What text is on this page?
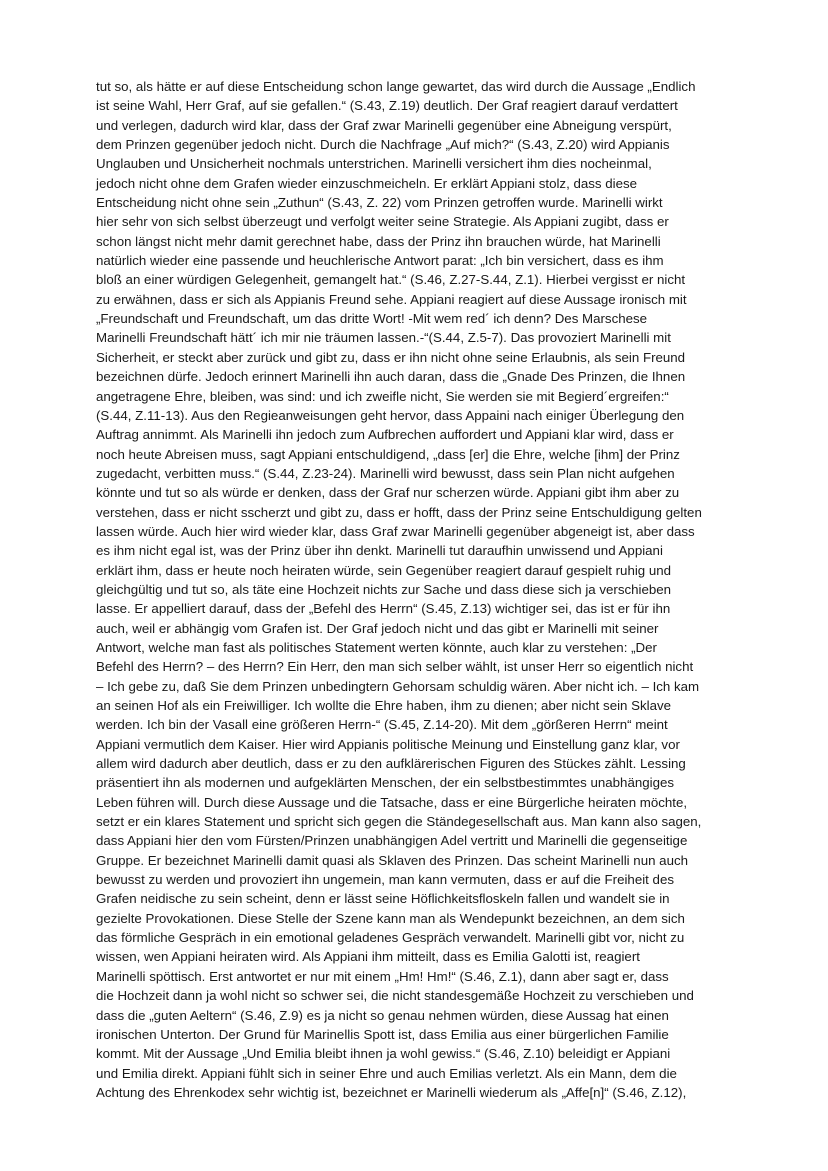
tut so, als hätte er auf diese Entscheidung schon lange gewartet, das wird durch die Aussage „Endlich
ist seine Wahl, Herr Graf, auf sie gefallen.“ (S.43, Z.19) deutlich. Der Graf reagiert darauf verdattert
und verlegen, dadurch wird klar, dass der Graf zwar Marinelli gegenüber eine Abneigung verspürt,
dem Prinzen gegenüber jedoch nicht. Durch die Nachfrage „Auf mich?“ (S.43, Z.20) wird Appianis
Unglauben und Unsicherheit nochmals unterstrichen. Marinelli versichert ihm dies nocheinmal,
jedoch nicht ohne dem Grafen wieder einzuschmeicheln. Er erklärt Appiani stolz, dass diese
Entscheidung nicht ohne sein „Zuthun“ (S.43, Z. 22) vom Prinzen getroffen wurde. Marinelli wirkt
hier sehr von sich selbst überzeugt und verfolgt weiter seine Strategie. Als Appiani zugibt, dass er
schon längst nicht mehr damit gerechnet habe, dass der Prinz ihn brauchen würde, hat Marinelli
natürlich wieder eine passende und heuchlerische Antwort parat: „Ich bin versichert, dass es ihm
bloß an einer würdigen Gelegenheit, gemangelt hat.“ (S.46, Z.27-S.44, Z.1). Hierbei vergisst er nicht
zu erwähnen, dass er sich als Appianis Freund sehe. Appiani reagiert auf diese Aussage ironisch mit
„Freundschaft und Freundschaft, um das dritte Wort! -Mit wem red´ ich denn? Des Marschese
Marinelli Freundschaft hätt´ ich mir nie träumen lassen.-“(S.44, Z.5-7). Das provoziert Marinelli mit
Sicherheit, er steckt aber zurück und gibt zu, dass er ihn nicht ohne seine Erlaubnis, als sein Freund
bezeichnen dürfe. Jedoch erinnert Marinelli ihn auch daran, dass die „Gnade Des Prinzen, die Ihnen
angetragene Ehre, bleiben, was sind: und ich zweifle nicht, Sie werden sie mit Begierd´ergreifen:“
(S.44, Z.11-13). Aus den Regieanweisungen geht hervor, dass Appaini nach einiger Überlegung den
Auftrag annimmt. Als Marinelli ihn jedoch zum Aufbrechen auffordert und Appiani klar wird, dass er
noch heute Abreisen muss, sagt Appiani entschuldigend, „dass [er] die Ehre, welche [ihm] der Prinz
zugedacht, verbitten muss.“ (S.44, Z.23-24). Marinelli wird bewusst, dass sein Plan nicht aufgehen
könnte und tut so als würde er denken, dass der Graf nur scherzen würde. Appiani gibt ihm aber zu
verstehen, dass er nicht sscherzt und gibt zu, dass er hofft, dass der Prinz seine Entschuldigung gelten
lassen würde. Auch hier wird wieder klar, dass Graf zwar Marinelli gegenüber abgeneigt ist, aber dass
es ihm nicht egal ist, was der Prinz über ihn denkt. Marinelli tut daraufhin unwissend und Appiani
erklärt ihm, dass er heute noch heiraten würde, sein Gegenüber reagiert darauf gespielt ruhig und
gleichgültig und tut so, als täte eine Hochzeit nichts zur Sache und dass diese sich ja verschieben
lasse. Er appelliert darauf, dass der „Befehl des Herrn“ (S.45, Z.13) wichtiger sei, das ist er für ihn
auch, weil er abhängig vom Grafen ist. Der Graf jedoch nicht und das gibt er Marinelli mit seiner
Antwort, welche man fast als politisches Statement werten könnte, auch klar zu verstehen: „Der
Befehl des Herrn? – des Herrn? Ein Herr, den man sich selber wählt, ist unser Herr so eigentlich nicht
– Ich gebe zu, daß Sie dem Prinzen unbedingtern Gehorsam schuldig wären. Aber nicht ich. – Ich kam
an seinen Hof als ein Freiwilliger. Ich wollte die Ehre haben, ihm zu dienen; aber nicht sein Sklave
werden. Ich bin der Vasall eine größeren Herrn-“ (S.45, Z.14-20). Mit dem „görßeren Herrn“ meint
Appiani vermutlich dem Kaiser. Hier wird Appianis politische Meinung und Einstellung ganz klar, vor
allem wird dadurch aber deutlich, dass er zu den aufklärerischen Figuren des Stückes zählt. Lessing
präsentiert ihn als modernen und aufgeklärten Menschen, der ein selbstbestimmtes unabhängiges
Leben führen will. Durch diese Aussage und die Tatsache, dass er eine Bürgerliche heiraten möchte,
setzt er ein klares Statement und spricht sich gegen die Ständegesellschaft aus. Man kann also sagen,
dass Appiani hier den vom Fürsten/Prinzen unabhängigen Adel vertritt und Marinelli die gegenseitige
Gruppe. Er bezeichnet Marinelli damit quasi als Sklaven des Prinzen. Das scheint Marinelli nun auch
bewusst zu werden und provoziert ihn ungemein, man kann vermuten, dass er auf die Freiheit des
Grafen neidische zu sein scheint, denn er lässt seine Höflichkeitsfloskeln fallen und wandelt sie in
gezielte Provokationen. Diese Stelle der Szene kann man als Wendepunkt bezeichnen, an dem sich
das förmliche Gespräch in ein emotional geladenes Gespräch verwandelt. Marinelli gibt vor, nicht zu
wissen, wen Appiani heiraten wird. Als Appiani ihm mitteilt, dass es Emilia Galotti ist, reagiert
Marinelli spöttisch. Erst antwortet er nur mit einem „Hm! Hm!“ (S.46, Z.1), dann aber sagt er, dass
die Hochzeit dann ja wohl nicht so schwer sei, die nicht standesgemäße Hochzeit zu verschieben und
dass die „guten Aeltern“ (S.46, Z.9) es ja nicht so genau nehmen würden, diese Aussag hat einen
ironischen Unterton. Der Grund für Marinellis Spott ist, dass Emilia aus einer bürgerlichen Familie
kommt. Mit der Aussage „Und Emilia bleibt ihnen ja wohl gewiss.“ (S.46, Z.10) beleidigt er Appiani
und Emilia direkt. Appiani fühlt sich in seiner Ehre und auch Emilias verletzt. Als ein Mann, dem die
Achtung des Ehrenkodex sehr wichtig ist, bezeichnet er Marinelli wiederum als „Affe[n]“ (S.46, Z.12),
